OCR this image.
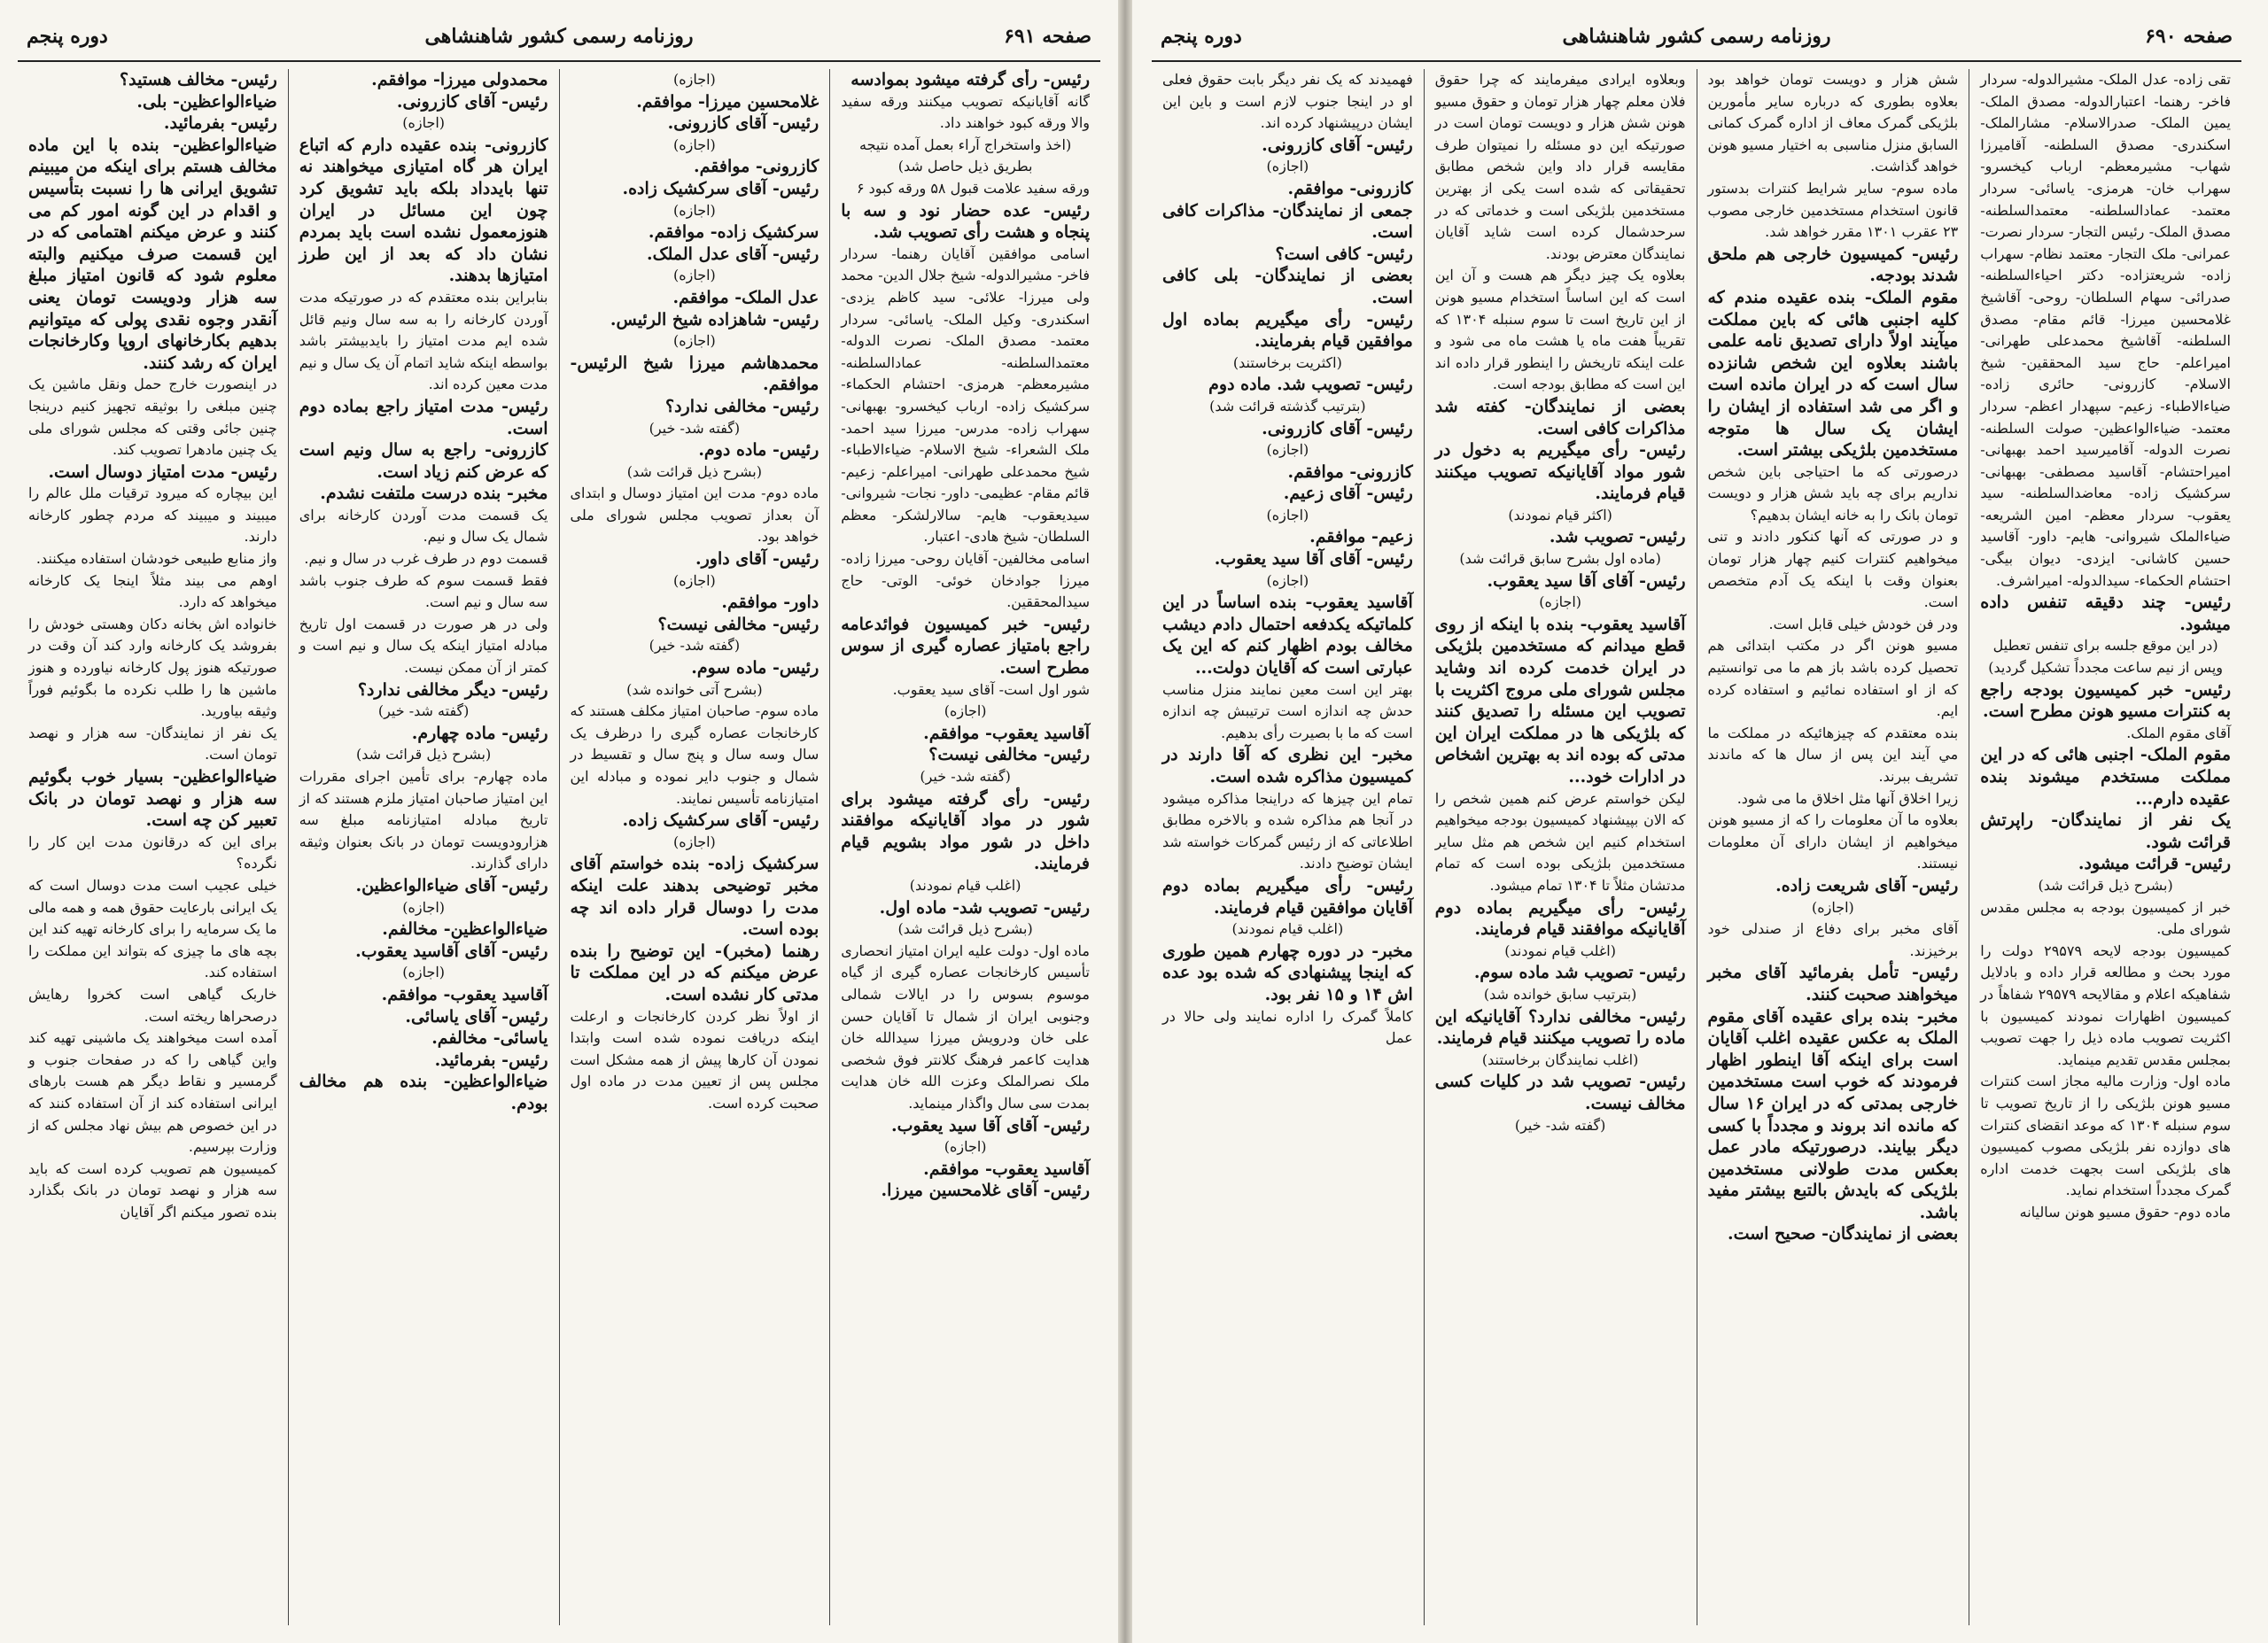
صفحه ۶۹۱
روزنامه رسمی کشور شاهنشاهی
دوره پنجم

رئیس- رأی گرفته میشود بموادسه

گانه آقایانیکه تصویب میکنند ورقه سفید والا ورقه کبود خواهند داد.

(اخذ واستخراج آراء بعمل آمده نتیجه بطریق ذیل حاصل شد)

ورقه سفید علامت قبول ۵۸ ورقه کبود ۶

رئیس- عده حضار نود و سه با پنجاه و هشت رأی تصویب شد.

اسامی موافقین آقایان رهنما- سردار فاخر- مشیرالدوله- شیخ جلال الدین- محمد ولی میرزا- علائی- سید کاظم یزدی- اسکندری- وکیل الملک- یاسائی- سردار معتمد- مصدق الملک- نصرت الدوله- معتمدالسلطنه- عمادالسلطنه- مشیرمعظم- هرمزی- احتشام الحکماء- سرکشیک زاده- ارباب کیخسرو- بهبهانی- سهراب زاده- مدرس- میرزا سید احمد- ملک الشعراء- شیخ الاسلام- ضیاءالاطباء- شیخ محمدعلی طهرانی- امیراعلم- زعیم- قائم مقام- عظیمی- داور- نجات- شیروانی- سیدیعقوب- هایم- سالارلشکر- معظم السلطان- شیخ هادی- اعتبار.

اسامی مخالفین- آقایان روحی- میرزا زاده- میرزا جوادخان خوئی- الوتی- حاج سیدالمحققین.

رئیس- خبر کمیسیون فوائدعامه راجع بامتیاز عصاره گیری از سوس مطرح است.

شور اول است- آقای سید یعقوب.

(اجازه)

آقاسید یعقوب- موافقم.

رئیس- مخالفی نیست؟

(گفته شد- خیر)

رئیس- رأی گرفته میشود برای شور در مواد آقایانیکه موافقند داخل در شور مواد بشویم قیام فرمایند.

(اغلب قیام نمودند)

رئیس- تصویب شد- ماده اول.

(بشرح ذیل قرائت شد)

ماده اول- دولت علیه ایران امتیاز انحصاری تأسیس کارخانجات عصاره گیری از گیاه موسوم بسوس را در ایالات شمالی وجنوبی ایران از شمال تا آقایان حسن علی خان ودرویش میرزا سیدالله خان هدایت کاعمر فرهنگ کلانتر فوق شخصی ملک نصرالملک وعزت الله خان هدایت بمدت سی سال واگذار مینماید.

رئیس- آقای آقا سید یعقوب.

(اجازه)

آقاسید یعقوب- موافقم.

رئیس- آقای غلامحسین میرزا.

(اجازه)

غلامحسین میرزا- موافقم.

رئیس- آقای کازرونی.

(اجازه)

کازرونی- موافقم.

رئیس- آقای سرکشیک زاده.

(اجازه)

سرکشیک زاده- موافقم.

رئیس- آقای عدل الملک.

(اجازه)

عدل الملک- موافقم.

رئیس- شاهزاده شیخ الرئیس.

(اجازه)

محمدهاشم میرزا شیخ الرئیس- موافقم.

رئیس- مخالفی ندارد؟

(گفته شد- خیر)

رئیس- ماده دوم.

(بشرح ذیل قرائت شد)

ماده دوم- مدت این امتیاز دوسال و ابتدای آن بعداز تصویب مجلس شورای ملی خواهد بود.

رئیس- آقای داور.

(اجازه)

داور- موافقم.

رئیس- مخالفی نیست؟

(گفته شد- خیر)

رئیس- ماده سوم.

(بشرح آتی خوانده شد)

ماده سوم- صاحبان امتیاز مکلف هستند که کارخانجات عصاره گیری را درظرف یک سال وسه سال و پنج سال و تقسیط در شمال و جنوب دایر نموده و مبادله این امتیازنامه تأسیس نمایند.

رئیس- آقای سرکشیک زاده.

(اجازه)

سرکشیک زاده- بنده خواستم آقای مخبر توضیحی بدهند علت اینکه مدت را دوسال قرار داده اند چه بوده است.

رهنما (مخبر)- این توضیح را بنده عرض میکنم که در این مملکت تا مدتی کار نشده است.

از اولاً نظر کردن کارخانجات و ارعلت اینکه دریافت نموده شده است وابتدا نمودن آن کارها پیش از همه مشکل است مجلس پس از تعیین مدت در ماده اول صحبت کرده است.

محمدولی میرزا- موافقم.

رئیس- آقای کازرونی.

(اجازه)

کازرونی- بنده عقیده دارم که اتباع ایران هر گاه امتیازی میخواهند نه تنها بایدداد بلکه باید تشویق کرد چون این مسائل در ایران هنوزمعمول نشده است باید بمردم نشان داد که بعد از این طرز امتیازها بدهند.

بنابراین بنده معتقدم که در صورتیکه مدت آوردن کارخانه را به سه سال ونیم قائل شده ایم مدت امتیاز را بایدبیشتر باشد بواسطه اینکه شاید اتمام آن یک سال و نیم مدت معین کرده اند.

رئیس- مدت امتیاز راجع بماده دوم است.

کازرونی- راجع به سال ونیم است که عرض کنم زیاد است.

مخبر- بنده درست ملتفت نشدم.

یک قسمت مدت آوردن کارخانه برای شمال یک سال و نیم.

قسمت دوم در طرف غرب در سال و نیم.

فقط قسمت سوم که طرف جنوب باشد سه سال و نیم است.

ولی در هر صورت در قسمت اول تاریخ مبادله امتیاز اینکه یک سال و نیم است و کمتر از آن ممکن نیست.

رئیس- دیگر مخالفی ندارد؟

(گفته شد- خیر)

رئیس- ماده چهارم.

(بشرح ذیل قرائت شد)

ماده چهارم- برای تأمین اجرای مقررات این امتیاز صاحبان امتیاز ملزم هستند که از تاریخ مبادله امتیازنامه مبلغ سه هزارودویست تومان در بانک بعنوان وثیقه دارای گذارند.

رئیس- آقای ضیاءالواعظین.

(اجازه)

ضیاءالواعظین- مخالفم.

رئیس- آقای آقاسید یعقوب.

(اجازه)

آقاسید یعقوب- موافقم.

رئیس- آقای یاسائی.

یاسائی- مخالفم.

رئیس- بفرمائید.

ضیاءالواعظین- بنده هم مخالف بودم.

رئیس- مخالف هستید؟

ضیاءالواعظین- بلی.

رئیس- بفرمائید.

ضیاءالواعظین- بنده با این ماده مخالف هستم برای اینکه من میبینم تشویق ایرانی ها را نسبت بتأسیس و اقدام در این گونه امور کم می کنند و عرض میکنم اهتمامی که در این قسمت صرف میکنیم والبته معلوم شود که قانون امتیاز مبلغ سه هزار ودویست تومان یعنی آنقدر وجوه نقدی پولی که میتوانیم بدهیم بکارخانهای اروپا وکارخانجات ایران که رشد کنند.

در اینصورت خارج حمل ونقل ماشین یک چنین مبلغی را بوثیقه تجهیز کنیم درینجا چنین جائی وقتی که مجلس شورای ملی یک چنین مادهرا تصویب کند.

رئیس- مدت امتیاز دوسال است.

این بیچاره که میرود ترقیات ملل عالم را میبیند و میبیند که مردم چطور کارخانه دارند.

واز منابع طبیعی خودشان استفاده میکنند.

اوهم می بیند مثلاً اینجا یک کارخانه میخواهد که دارد.

خانواده اش بخانه دکان وهستی خودش را بفروشد یک کارخانه وارد کند آن وقت در صورتیکه هنوز پول کارخانه نیاورده و هنوز ماشین ها را طلب نکرده ما بگوئیم فوراً وثیقه بیاورید.

یک نفر از نمایندگان- سه هزار و نهصد تومان است.

ضیاءالواعظین- بسیار خوب بگوئیم سه هزار و نهصد تومان در بانک تعبیر کن چه است.

برای این که درقانون مدت این کار را نگرده؟

خیلی عجیب است مدت دوسال است که یک ایرانی بارعایت حقوق همه و همه مالی ما یک سرمایه را برای کارخانه تهیه کند این بچه های ما چیزی که بتواند این مملکت را استفاده کند.

خاربک گیاهی است کخروا رهایش درصحراها ریخته است.

آمده است میخواهند یک ماشینی تهیه کند واین گیاهی را که در صفحات جنوب و گرمسیر و نقاط دیگر هم هست بارهای ایرانی استفاده کند از آن استفاده کنند که در این خصوص هم بیش نهاد مجلس که از وزارت بپرسیم.

کمیسیون هم تصویب کرده است که باید سه هزار و نهصد تومان در بانک بگذارد بنده تصور میکنم اگر آقایان

صفحه ۶۹۰
روزنامه رسمی کشور شاهنشاهی
دوره پنجم

تقی زاده- عدل الملک- مشیرالدوله- سردار فاخر- رهنما- اعتبارالدوله- مصدق الملک- یمین الملک- صدرالاسلام- مشارالملک- اسکندری- مصدق السلطنه- آقامیرزا شهاب- مشیرمعظم- ارباب کیخسرو- سهراب خان- هرمزی- یاسائی- سردار معتمد- عمادالسلطنه- معتمدالسلطنه- مصدق الملک- رئیس التجار- سردار نصرت- عمرانی- ملک التجار- معتمد نظام- سهراب زاده- شریعتزاده- دکتر احیاءالسلطنه- صدرائی- سهام السلطان- روحی- آقاشیخ غلامحسین میرزا- قائم مقام- مصدق السلطنه- آقاشیخ محمدعلی طهرانی- امیراعلم- حاج سید المحققین- شیخ الاسلام- کازرونی- حائری زاده- ضیاءالاطباء- زعیم- سپهدار اعظم- سردار معتمد- ضیاءالواعظین- صولت السلطنه- نصرت الدوله- آقامیرسید احمد بهبهانی- امیراحتشام- آقاسید مصطفی- بهبهانی- سرکشیک زاده- معاضدالسلطنه- سید یعقوب- سردار معظم- امین الشریعه- ضیاءالملک شیروانی- هایم- داور- آقاسید حسین کاشانی- ایزدی- دیوان بیگی- احتشام الحکماء- سیدالدوله- امیراشرف.

رئیس- چند دقیقه تنفس داده میشود.

(در این موقع جلسه برای تنفس تعطیل وپس از نیم ساعت مجدداً تشکیل گردید)

رئیس- خبر کمیسیون بودجه راجع به کنترات مسیو هونن مطرح است.

آقای مقوم الملک.

مقوم الملک- اجنبی هائی که در این مملکت مستخدم میشوند بنده عقیده دارم...

یک نفر از نمایندگان- راپرتش قرائت شود.

رئیس- قرائت میشود.

(بشرح ذیل قرائت شد)

خبر از کمیسیون بودجه به مجلس مقدس شورای ملی.

کمیسیون بودجه لایحه ۲۹۵۷۹ دولت را مورد بحث و مطالعه قرار داده و بادلایل شفاهیکه اعلام و مقالایحه ۲۹۵۷۹ شفاهاً در کمیسیون اظهارات نمودند کمیسیون با اکثریت تصویب ماده ذیل را جهت تصویب بمجلس مقدس تقدیم مینماید.

ماده اول- وزارت مالیه مجاز است کنترات مسیو هونن بلژیکی را از تاریخ تصویب تا سوم سنبله ۱۳۰۴ که موعد انقضای کنترات های دوازده نفر بلژیکی مصوب کمیسیون های بلژیکی است بجهت خدمت اداره گمرک مجدداً استخدام نماید.

ماده دوم- حقوق مسیو هونن سالیانه

شش هزار و دویست تومان خواهد بود بعلاوه بطوری که درباره سایر مأمورین بلژیکی گمرک معاف از اداره گمرک کمانی السابق منزل مناسبی به اختیار مسیو هونن خواهد گذاشت.

ماده سوم- سایر شرایط کنترات بدستور قانون استخدام مستخدمین خارجی مصوب ۲۳ عقرب ۱۳۰۱ مقرر خواهد شد.

رئیس- کمیسیون خارجی هم ملحق شدند بودجه.

مقوم الملک- بنده عقیده مندم که کلیه اجنبی هائی که باین مملکت میآیند اولاً دارای تصدیق نامه علمی باشند بعلاوه این شخص شانزده سال است که در ایران مانده است و اگر می شد استفاده از ایشان را ایشان یک سال ها متوجه مستخدمین بلژیکی بیشتر است.

درصورتی که ما احتیاجی باین شخص نداریم برای چه باید شش هزار و دویست تومان بانک را به خانه ایشان بدهیم؟

و در صورتی که آنها کنکور دادند و تنی میخواهیم کنترات کنیم چهار هزار تومان بعنوان وقت با اینکه یک آدم متخصص است.

ودر فن خودش خیلی قابل است.

مسیو هونن اگر در مکتب ابتدائی هم تحصیل کرده باشد باز هم ما می توانستیم که از او استفاده نمائیم و استفاده کرده ایم.

بنده معتقدم که چیزهائیکه در مملکت ما مي آیند این پس از سال ها که ماندند تشریف ببرند.

زیرا اخلاق آنها مثل اخلاق ما می شود.

بعلاوه ما آن معلومات را که از مسیو هونن میخواهیم از ایشان دارای آن معلومات نیستند.

رئیس- آقای شریعت زاده.

(اجازه)

آقای مخبر برای دفاع از صندلی خود برخیزند.

رئیس- تأمل بفرمائید آقای مخبر میخواهند صحبت کنند.

مخبر- بنده برای عقیده آقای مقوم الملک به عکس عقیده اغلب آقایان است برای اینکه آقا اینطور اظهار فرمودند که خوب است مستخدمین خارجی بمدتی که در ایران ۱۶ سال که مانده اند بروند و مجدداً با کسی دیگر بیایند. درصورتیکه مادر عمل بعکس مدت طولانی مستخدمین بلژیکی که بایدش بالتبع بیشتر مفید باشد.

بعضی از نمایندگان- صحیح است.

وبعلاوه ایرادی میفرمایند که چرا حقوق فلان معلم چهار هزار تومان و حقوق مسیو هونن شش هزار و دویست تومان است در صورتیکه این دو مسئله را نمیتوان طرف مقایسه قرار داد واین شخص مطابق تحقیقاتی که شده است یکی از بهترین مستخدمین بلژیکی است و خدماتی که در سرحدشمال کرده است شاید آقایان نمایندگان معترض بودند.

بعلاوه یک چیز دیگر هم هست و آن این است که این اساساً استخدام مسیو هونن از این تاریخ است تا سوم سنبله ۱۳۰۴ که تقریباً هفت ماه یا هشت ماه می شود و علت اینکه تاریخش را اینطور قرار داده اند این است که مطابق بودجه است.

بعضی از نمایندگان- کفته شد مذاکرات کافی است.

رئیس- رأی میگیریم به دخول در شور مواد آقایانیکه تصویب میکنند قیام فرمایند.

(اکثر قیام نمودند)

رئیس- تصویب شد.

(ماده اول بشرح سابق قرائت شد)

رئیس- آقای آقا سید یعقوب.

(اجازه)

آقاسید یعقوب- بنده با اینکه از روی قطع میدانم که مستخدمین بلژیکی در ایران خدمت کرده اند وشاید مجلس شورای ملی مروج اکثریت با تصویب این مسئله را تصدیق کنند که بلژیکی ها در مملکت ایران این مدتی که بوده اند به بهترین اشخاص در ادارات خود...

لیکن خواستم عرض کنم همین شخص را که الان بپیشنهاد کمیسیون بودجه میخواهیم استخدام کنیم این شخص هم مثل سایر مستخدمین بلژیکی بوده است که تمام مدتشان مثلاً تا ۱۳۰۴ تمام میشود.

رئیس- رأی میگیریم بماده دوم آقایانیکه موافقند قیام فرمایند.

(اغلب قیام نمودند)

رئیس- تصویب شد ماده سوم.

(بترتیب سابق خوانده شد)

رئیس- مخالفی ندارد؟ آقایانیکه این ماده را تصویب میکنند قیام فرمایند.

(اغلب نمایندگان برخاستند)

رئیس- تصویب شد در کلیات کسی مخالف نیست.

(گفته شد- خیر)

فهمیدند که یک نفر دیگر بابت حقوق فعلی او در اینجا جنوب لازم است و باین این ایشان درپیشنهاد کرده اند.

رئیس- آقای کازرونی.

(اجازه)

کازرونی- موافقم.

جمعی از نمایندگان- مذاکرات کافی است.

رئیس- کافی است؟

بعضی از نمایندگان- بلی کافی است.

رئیس- رأی میگیریم بماده اول موافقین قیام بفرمایند.

(اکثریت برخاستند)

رئیس- تصویب شد. ماده دوم

(بترتیب گذشته قرائت شد)

رئیس- آقای کازرونی.

(اجازه)

کازرونی- موافقم.

رئیس- آقای زعیم.

(اجازه)

زعیم- موافقم.

رئیس- آقای آقا سید یعقوب.

(اجازه)

آقاسید یعقوب- بنده اساساً در این کلماتیکه یکدفعه احتمال دادم دیشب مخالف بودم اظهار کنم که این یک عبارتی است که آقایان دولت...

بهتر این است معین نمایند منزل مناسب حدش چه اندازه است ترتیبش چه اندازه است که ما با بصیرت رأی بدهیم.

مخبر- این نظری که آقا دارند در کمیسیون مذاکره شده است.

تمام این چیزها که دراینجا مذاکره میشود در آنجا هم مذاکره شده و بالاخره مطابق اطلاعاتی که از رئیس گمرکات خواسته شد ایشان توضیح دادند.

رئیس- رأی میگیریم بماده دوم آقایان موافقین قیام فرمایند.

(اغلب قیام نمودند)

مخبر- در دوره چهارم همین طوری که اینجا پیشنهادی که شده بود عده اش ۱۴ و ۱۵ نفر بود.

کاملاً گمرک را اداره نمایند ولی حالا در عمل
